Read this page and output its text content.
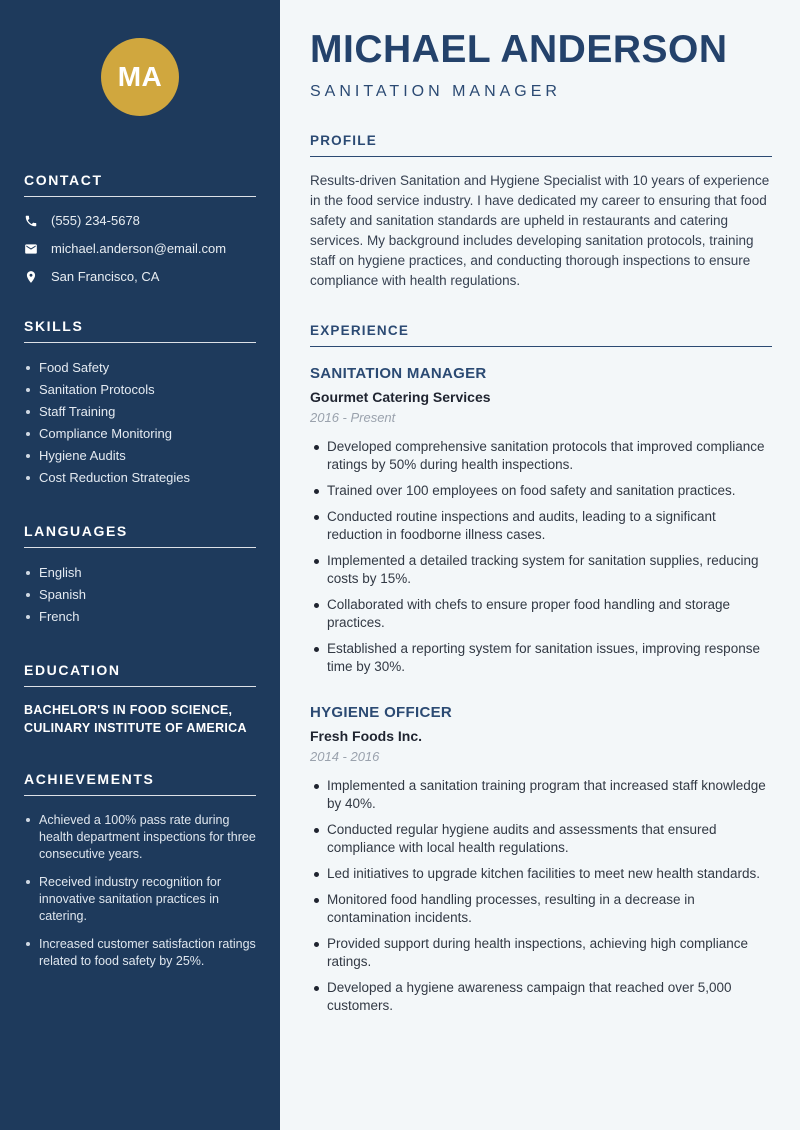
MA
CONTACT
(555) 234-5678
michael.anderson@email.com
San Francisco, CA
SKILLS
Food Safety
Sanitation Protocols
Staff Training
Compliance Monitoring
Hygiene Audits
Cost Reduction Strategies
LANGUAGES
English
Spanish
French
EDUCATION
BACHELOR'S IN FOOD SCIENCE, CULINARY INSTITUTE OF AMERICA
ACHIEVEMENTS
Achieved a 100% pass rate during health department inspections for three consecutive years.
Received industry recognition for innovative sanitation practices in catering.
Increased customer satisfaction ratings related to food safety by 25%.
MICHAEL ANDERSON
SANITATION MANAGER
PROFILE

Results-driven Sanitation and Hygiene Specialist with 10 years of experience in the food service industry. I have dedicated my career to ensuring that food safety and sanitation standards are upheld in restaurants and catering services. My background includes developing sanitation protocols, training staff on hygiene practices, and conducting thorough inspections to ensure compliance with health regulations.

EXPERIENCE
SANITATION MANAGER
Gourmet Catering Services
2016 - Present
Developed comprehensive sanitation protocols that improved compliance ratings by 50% during health inspections.
Trained over 100 employees on food safety and sanitation practices.
Conducted routine inspections and audits, leading to a significant reduction in foodborne illness cases.
Implemented a detailed tracking system for sanitation supplies, reducing costs by 15%.
Collaborated with chefs to ensure proper food handling and storage practices.
Established a reporting system for sanitation issues, improving response time by 30%.
HYGIENE OFFICER
Fresh Foods Inc.
2014 - 2016
Implemented a sanitation training program that increased staff knowledge by 40%.
Conducted regular hygiene audits and assessments that ensured compliance with local health regulations.
Led initiatives to upgrade kitchen facilities to meet new health standards.
Monitored food handling processes, resulting in a decrease in contamination incidents.
Provided support during health inspections, achieving high compliance ratings.
Developed a hygiene awareness campaign that reached over 5,000 customers.
